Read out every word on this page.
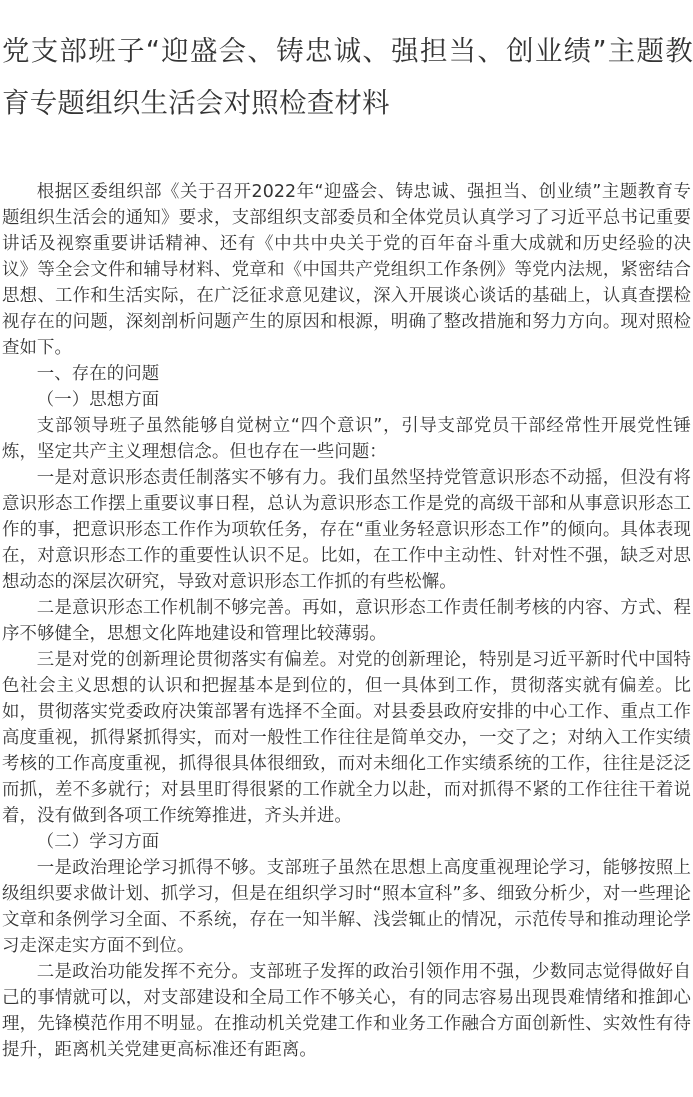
党支部班子“迎盛会、铸忠诚、强担当、创业绩”主题教育专题组织生活会对照检查材料

根据区委组织部《关于召开2022年“迎盛会、铸忠诚、强担当、创业绩”主题教育专题组织生活会的通知》要求，支部组织支部委员和全体党员认真学习了习近平总书记重要讲话及视察重要讲话精神、还有《中共中央关于党的百年奋斗重大成就和历史经验的决议》等全会文件和辅导材料、党章和《中国共产党组织工作条例》等党内法规，紧密结合思想、工作和生活实际，在广泛征求意见建议，深入开展谈心谈话的基础上，认真查摆检视存在的问题，深刻剖析问题产生的原因和根源，明确了整改措施和努力方向。现对照检查如下。

一、存在的问题

（一）思想方面

支部领导班子虽然能够自觉树立“四个意识”，引导支部党员干部经常性开展党性锤炼，坚定共产主义理想信念。但也存在一些问题：

一是对意识形态责任制落实不够有力。我们虽然坚持党管意识形态不动摇，但没有将意识形态工作摆上重要议事日程，总认为意识形态工作是党的高级干部和从事意识形态工作的事，把意识形态工作作为项软任务，存在“重业务轻意识形态工作”的倾向。具体表现在，对意识形态工作的重要性认识不足。比如，在工作中主动性、针对性不强，缺乏对思想动态的深层次研究，导致对意识形态工作抓的有些松懈。

二是意识形态工作机制不够完善。再如，意识形态工作责任制考核的内容、方式、程序不够健全，思想文化阵地建设和管理比较薄弱。

三是对党的创新理论贯彻落实有偏差。对党的创新理论，特别是习近平新时代中国特色社会主义思想的认识和把握基本是到位的，但一具体到工作，贯彻落实就有偏差。比如，贯彻落实党委政府决策部署有选择不全面。对县委县政府安排的中心工作、重点工作高度重视，抓得紧抓得实，而对一般性工作往往是简单交办，一交了之；对纳入工作实绩考核的工作高度重视，抓得很具体很细致，而对未细化工作实绩系统的工作，往往是泛泛而抓，差不多就行；对县里盯得很紧的工作就全力以赴，而对抓得不紧的工作往往干着说着，没有做到各项工作统筹推进，齐头并进。

（二）学习方面

一是政治理论学习抓得不够。支部班子虽然在思想上高度重视理论学习，能够按照上级组织要求做计划、抓学习，但是在组织学习时“照本宣科”多、细致分析少，对一些理论文章和条例学习全面、不系统，存在一知半解、浅尝辄止的情况，示范传导和推动理论学习走深走实方面不到位。

二是政治功能发挥不充分。支部班子发挥的政治引领作用不强，少数同志觉得做好自己的事情就可以，对支部建设和全局工作不够关心，有的同志容易出现畏难情绪和推卸心理，先锋模范作用不明显。在推动机关党建工作和业务工作融合方面创新性、实效性有待提升，距离机关党建更高标准还有距离。
